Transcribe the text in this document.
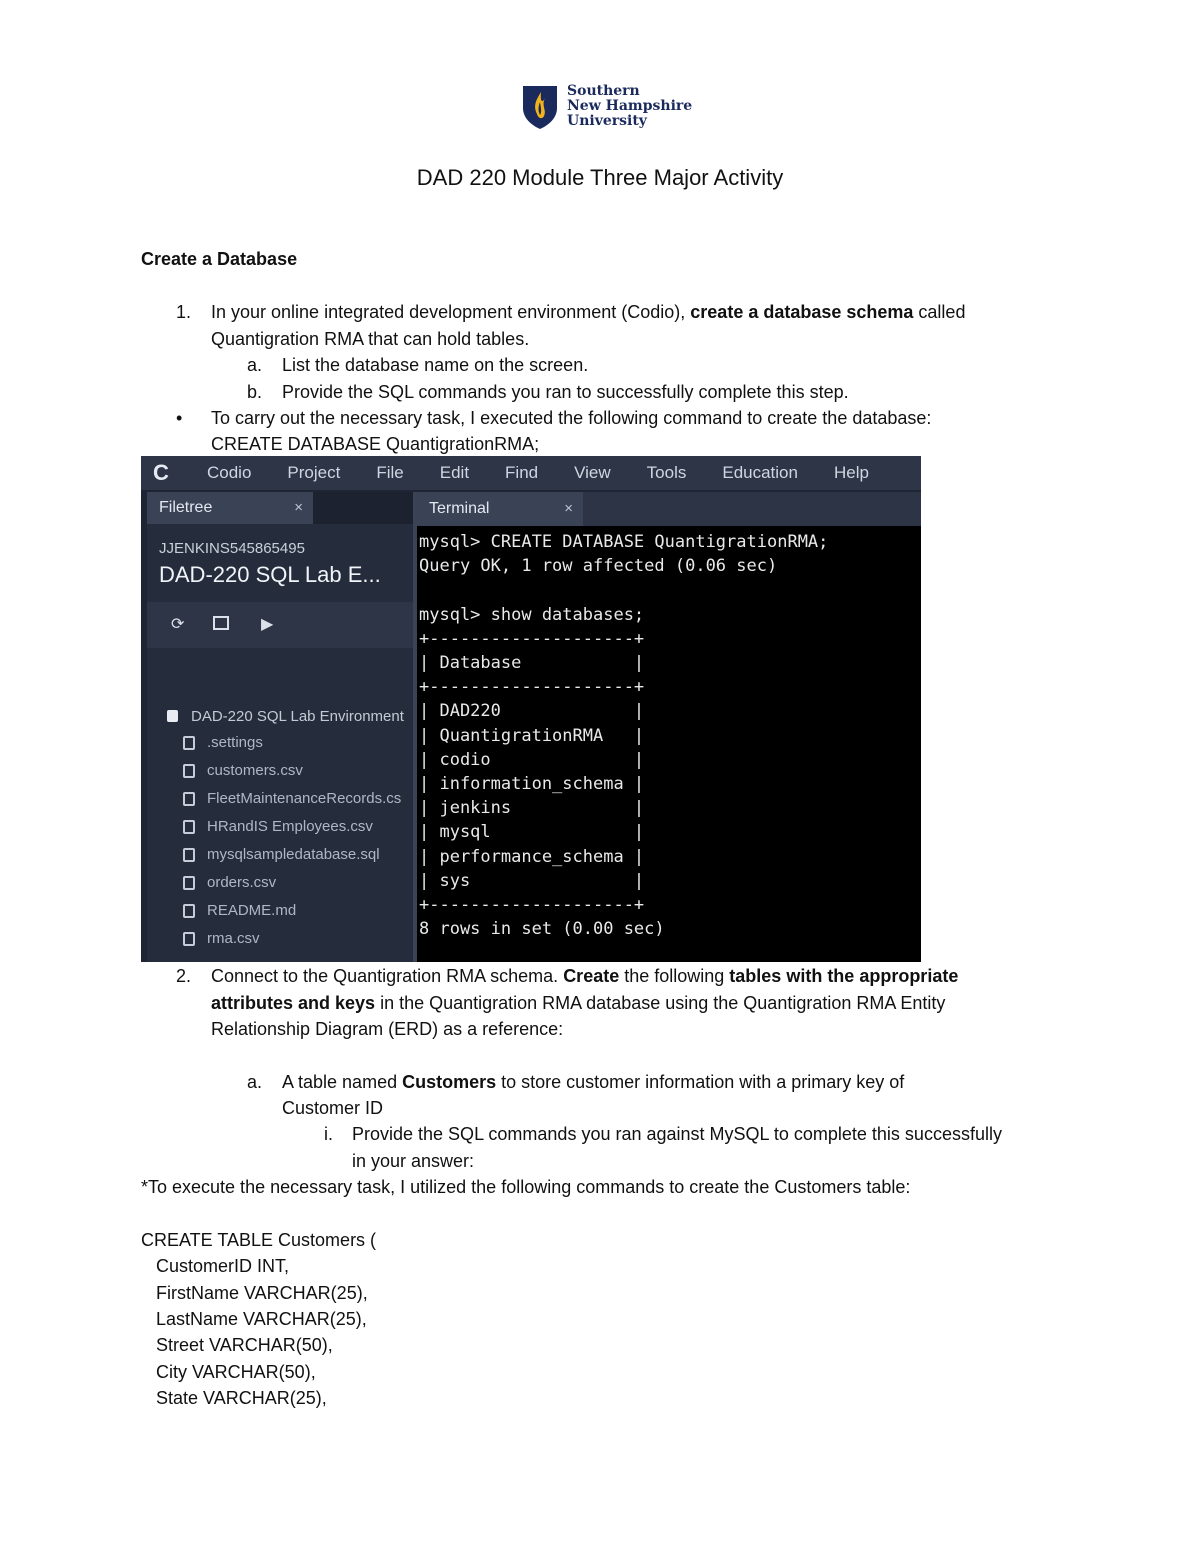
Southern
New Hampshire
University
DAD 220 Module Three Major Activity
Create a Database
1. In your online integrated development environment (Codio), create a database schema called
Quantigration RMA that can hold tables.
a. List the database name on the screen.
b. Provide the SQL commands you ran to successfully complete this step.
• To carry out the necessary task, I executed the following command to create the database:
CREATE DATABASE QuantigrationRMA;
C	Codio	Project	File	Edit	Find	View	Tools	Education	Help
Filetree	×
JJENKINS545865495
DAD-220 SQL Lab E...
⟳	▶
DAD-220 SQL Lab Environment
.settings
customers.csv
FleetMaintenanceRecords.cs
HRandIS Employees.csv
mysqlsampledatabase.sql
orders.csv
README.md
rma.csv
Terminal	×
mysql> CREATE DATABASE QuantigrationRMA;
Query OK, 1 row affected (0.06 sec)

mysql> show databases;
+--------------------+
| Database           |
+--------------------+
| DAD220             |
| QuantigrationRMA   |
| codio              |
| information_schema |
| jenkins            |
| mysql              |
| performance_schema |
| sys                |
+--------------------+
8 rows in set (0.00 sec)
2. Connect to the Quantigration RMA schema. Create the following tables with the appropriate
attributes and keys in the Quantigration RMA database using the Quantigration RMA Entity
Relationship Diagram (ERD) as a reference:
a. A table named Customers to store customer information with a primary key of
Customer ID
i. Provide the SQL commands you ran against MySQL to complete this successfully
in your answer:
*To execute the necessary task, I utilized the following commands to create the Customers table:
CREATE TABLE Customers (
CustomerID INT,
FirstName VARCHAR(25),
LastName VARCHAR(25),
Street VARCHAR(50),
City VARCHAR(50),
State VARCHAR(25),
